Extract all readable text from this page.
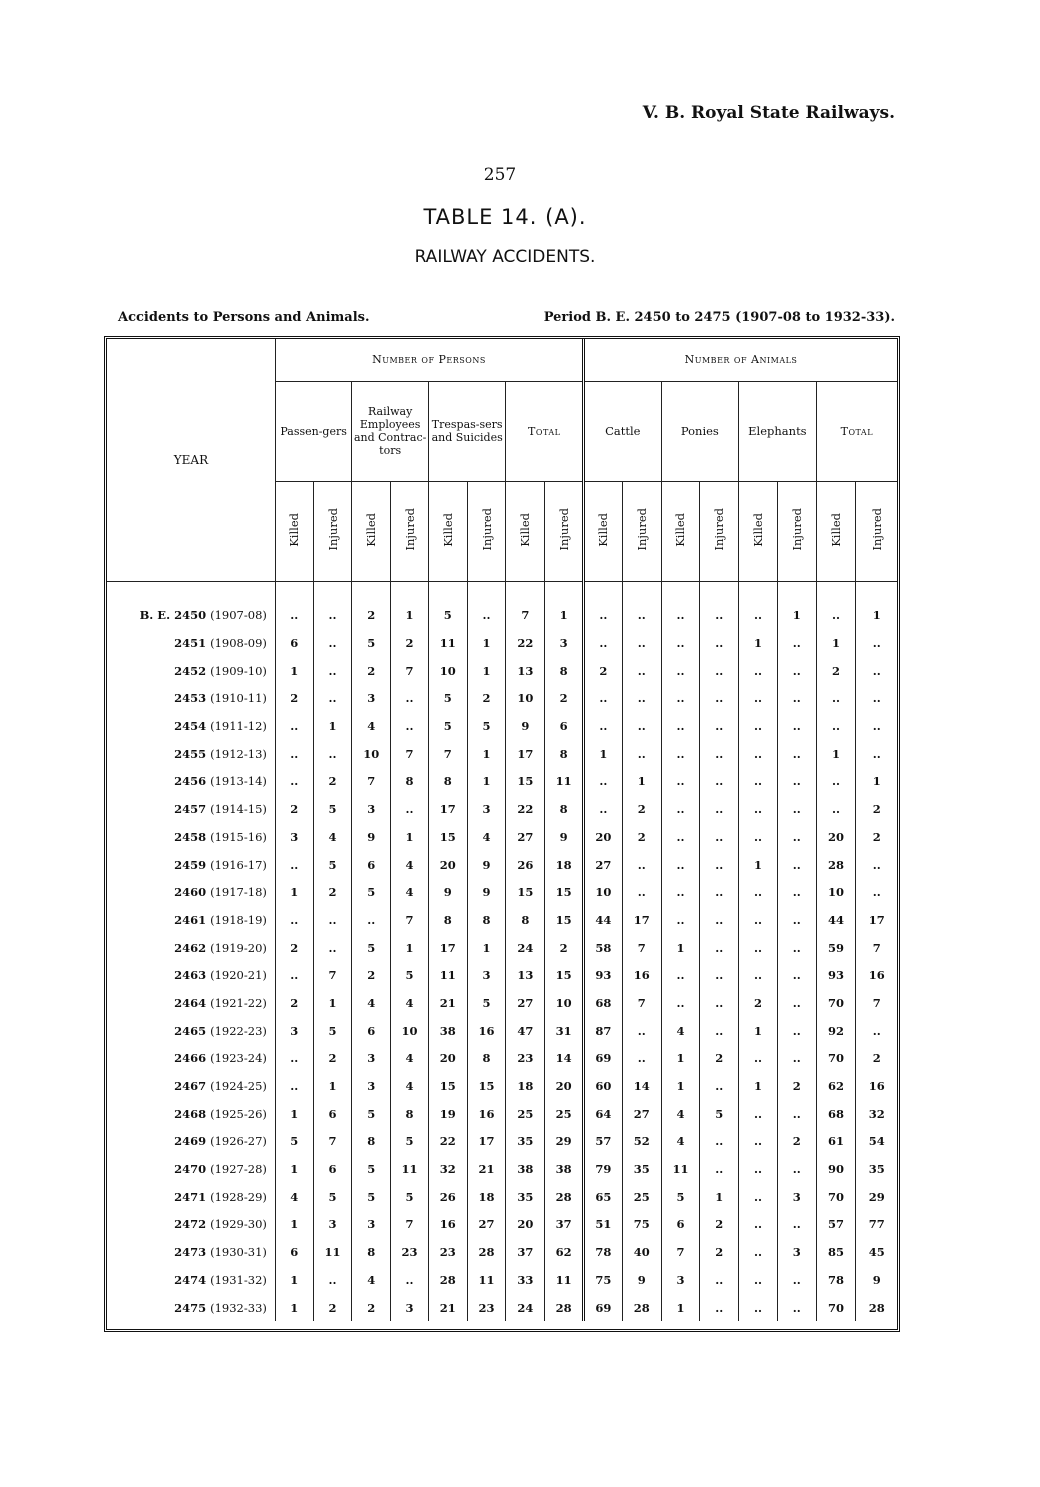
V. B. Royal State Railways.
257
TABLE 14. (A).
RAILWAY ACCIDENTS.
Accidents to Persons and Animals.	Period B. E. 2450 to 2475 (1907-08 to 1932-33).
YEAR	Number of Persons								Number of Animals							
	Passen-gers		Railway Employees and Contrac-tors		Trespas-sers and Suicides		Total		Cattle		Ponies		Elephants		Total	
	Killed	Injured	Killed	Injured	Killed	Injured	Killed	Injured	Killed	Injured	Killed	Injured	Killed	Injured	Killed	Injured

B. E. 2450 (1907-08)	..	..	2	1	5	..	7	1	..	..	..	..	..	1	..	1
2451 (1908-09)	6	..	5	2	11	1	22	3	..	..	..	..	1	..	1	..
2452 (1909-10)	1	..	2	7	10	1	13	8	2	..	..	..	..	..	2	..
2453 (1910-11)	2	..	3	..	5	2	10	2	..	..	..	..	..	..	..	..
2454 (1911-12)	..	1	4	..	5	5	9	6	..	..	..	..	..	..	..	..
2455 (1912-13)	..	..	10	7	7	1	17	8	1	..	..	..	..	..	1	..
2456 (1913-14)	..	2	7	8	8	1	15	11	..	1	..	..	..	..	..	1
2457 (1914-15)	2	5	3	..	17	3	22	8	..	2	..	..	..	..	..	2
2458 (1915-16)	3	4	9	1	15	4	27	9	20	2	..	..	..	..	20	2
2459 (1916-17)	..	5	6	4	20	9	26	18	27	..	..	..	1	..	28	..
2460 (1917-18)	1	2	5	4	9	9	15	15	10	..	..	..	..	..	10	..
2461 (1918-19)	..	..	..	7	8	8	8	15	44	17	..	..	..	..	44	17
2462 (1919-20)	2	..	5	1	17	1	24	2	58	7	1	..	..	..	59	7
2463 (1920-21)	..	7	2	5	11	3	13	15	93	16	..	..	..	..	93	16
2464 (1921-22)	2	1	4	4	21	5	27	10	68	7	..	..	2	..	70	7
2465 (1922-23)	3	5	6	10	38	16	47	31	87	..	4	..	1	..	92	..
2466 (1923-24)	..	2	3	4	20	8	23	14	69	..	1	2	..	..	70	2
2467 (1924-25)	..	1	3	4	15	15	18	20	60	14	1	..	1	2	62	16
2468 (1925-26)	1	6	5	8	19	16	25	25	64	27	4	5	..	..	68	32
2469 (1926-27)	5	7	8	5	22	17	35	29	57	52	4	..	..	2	61	54
2470 (1927-28)	1	6	5	11	32	21	38	38	79	35	11	..	..	..	90	35
2471 (1928-29)	4	5	5	5	26	18	35	28	65	25	5	1	..	3	70	29
2472 (1929-30)	1	3	3	7	16	27	20	37	51	75	6	2	..	..	57	77
2473 (1930-31)	6	11	8	23	23	28	37	62	78	40	7	2	..	3	85	45
2474 (1931-32)	1	..	4	..	28	11	33	11	75	9	3	..	..	..	78	9
2475 (1932-33)	1	2	2	3	21	23	24	28	69	28	1	..	..	..	70	28
